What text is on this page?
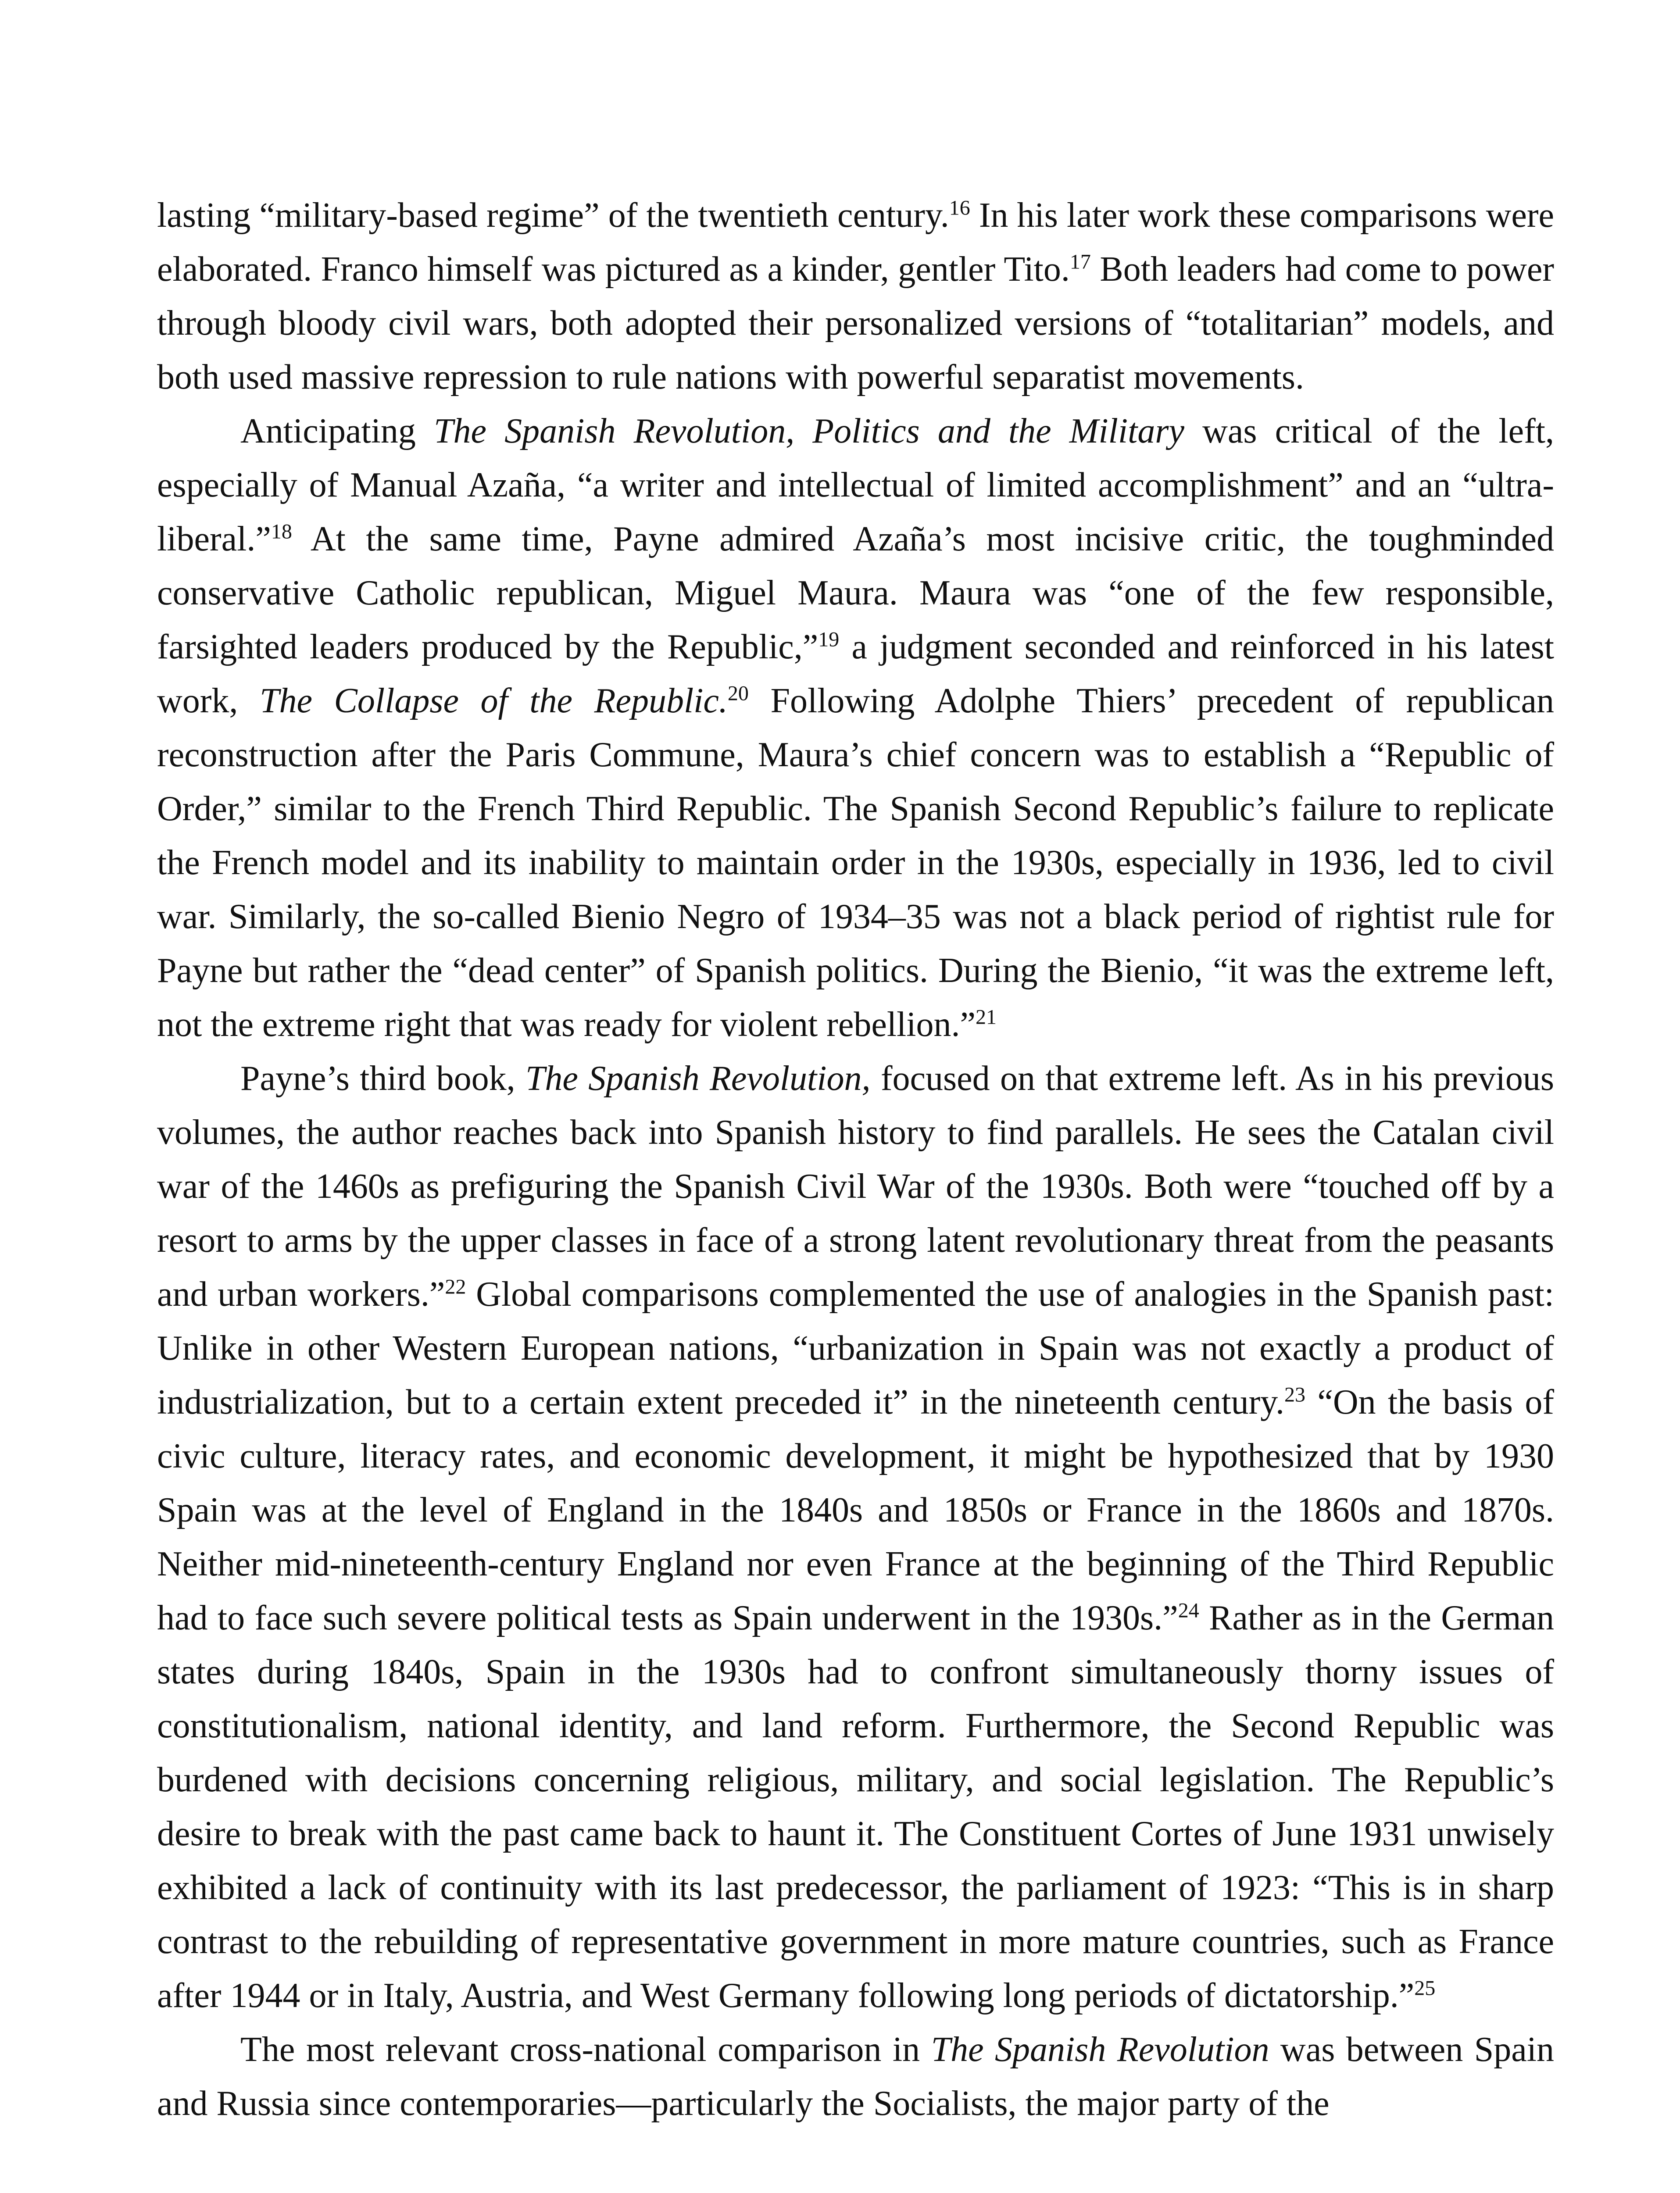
lasting “military-based regime” of the twentieth century.$^{16}$ In his later work these comparisons were elaborated. Franco himself was pictured as a kinder, gentler Tito.$^{17}$ Both leaders had come to power through bloody civil wars, both adopted their personalized versions of “totalitarian” models, and both used massive repression to rule nations with powerful separatist movements.

Anticipating The Spanish Revolution, Politics and the Military was critical of the left, especially of Manual Azaña, “a writer and intellectual of limited accomplishment” and an “ultra-liberal.”$^{18}$ At the same time, Payne admired Azaña’s most incisive critic, the toughminded conservative Catholic republican, Miguel Maura. Maura was “one of the few responsible, farsighted leaders produced by the Republic,”$^{19}$ a judgment seconded and reinforced in his latest work, The Collapse of the Republic.$^{20}$ Following Adolphe Thiers’ precedent of republican reconstruction after the Paris Commune, Maura’s chief concern was to establish a “Republic of Order,” similar to the French Third Republic. The Spanish Second Republic’s failure to replicate the French model and its inability to maintain order in the 1930s, especially in 1936, led to civil war. Similarly, the so-called Bienio Negro of 1934–35 was not a black period of rightist rule for Payne but rather the “dead center” of Spanish politics. During the Bienio, “it was the extreme left, not the extreme right that was ready for violent rebellion.”$^{21}$

Payne’s third book, The Spanish Revolution, focused on that extreme left. As in his previous volumes, the author reaches back into Spanish history to find parallels. He sees the Catalan civil war of the 1460s as prefiguring the Spanish Civil War of the 1930s. Both were “touched off by a resort to arms by the upper classes in face of a strong latent revolutionary threat from the peasants and urban workers.”$^{22}$ Global comparisons complemented the use of analogies in the Spanish past: Unlike in other Western European nations, “urbanization in Spain was not exactly a product of industrialization, but to a certain extent preceded it” in the nineteenth century.$^{23}$ “On the basis of civic culture, literacy rates, and economic development, it might be hypothesized that by 1930 Spain was at the level of England in the 1840s and 1850s or France in the 1860s and 1870s. Neither mid-nineteenth-century England nor even France at the beginning of the Third Republic had to face such severe political tests as Spain underwent in the 1930s.”$^{24}$ Rather as in the German states during 1840s, Spain in the 1930s had to confront simultaneously thorny issues of constitutionalism, national identity, and land reform. Furthermore, the Second Republic was burdened with decisions concerning religious, military, and social legislation. The Republic’s desire to break with the past came back to haunt it. The Constituent Cortes of June 1931 unwisely exhibited a lack of continuity with its last predecessor, the parliament of 1923: “This is in sharp contrast to the rebuilding of representative government in more mature countries, such as France after 1944 or in Italy, Austria, and West Germany following long periods of dictatorship.”$^{25}$

The most relevant cross-national comparison in The Spanish Revolution was between Spain and Russia since contemporaries—particularly the Socialists, the major party of the
